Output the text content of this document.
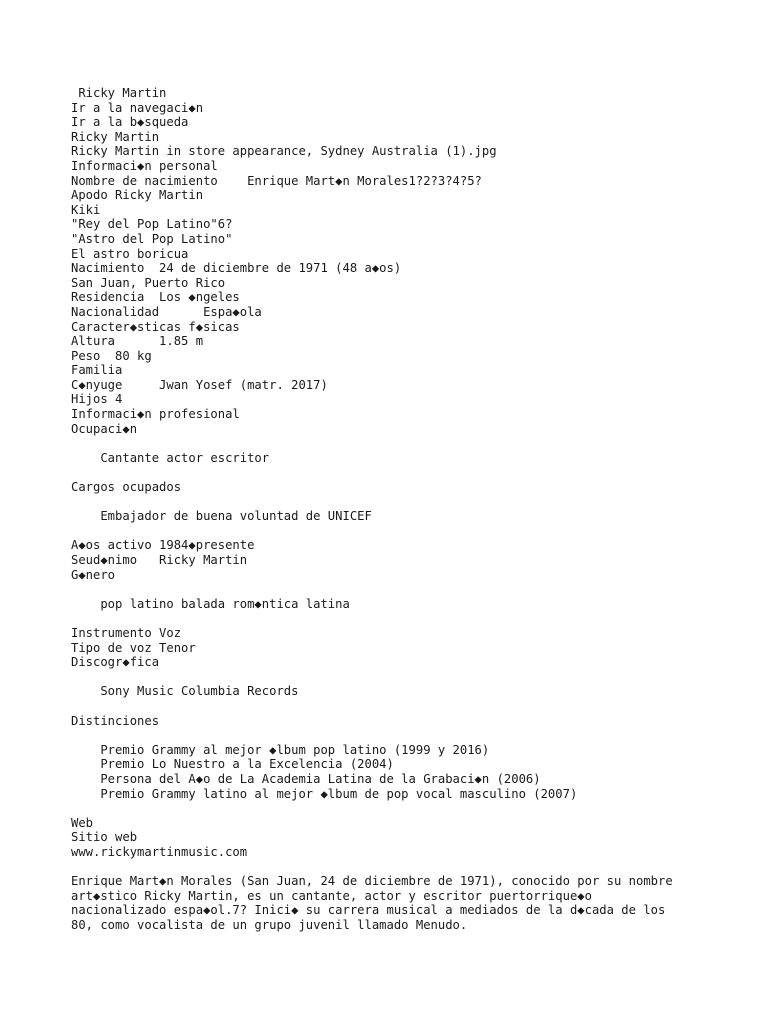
Ricky Martin
Ir a la navegaci◆n
Ir a la b◆squeda
Ricky Martin
Ricky Martin in store appearance, Sydney Australia (1).jpg
Informaci◆n personal
Nombre de nacimiento    Enrique Mart◆n Morales1?2?3?4?5?
Apodo Ricky Martin
Kiki
"Rey del Pop Latino"6?
"Astro del Pop Latino"
El astro boricua
Nacimiento  24 de diciembre de 1971 (48 a◆os)
San Juan, Puerto Rico
Residencia  Los ◆ngeles
Nacionalidad      Espa◆ola
Caracter◆sticas f◆sicas
Altura      1.85 m
Peso  80 kg
Familia
C◆nyuge     Jwan Yosef (matr. 2017)
Hijos 4
Informaci◆n profesional
Ocupaci◆n
Cantante actor escritor
Cargos ocupados
Embajador de buena voluntad de UNICEF
A◆os activo 1984◆presente
Seud◆nimo   Ricky Martin
G◆nero
pop latino balada rom◆ntica latina
Instrumento Voz
Tipo de voz Tenor
Discogr◆fica
Sony Music Columbia Records
Distinciones
Premio Grammy al mejor ◆lbum pop latino (1999 y 2016)
Premio Lo Nuestro a la Excelencia (2004)
Persona del A◆o de La Academia Latina de la Grabaci◆n (2006)
Premio Grammy latino al mejor ◆lbum de pop vocal masculino (2007)
Web
Sitio web
www.rickymartinmusic.com
Enrique Mart◆n Morales (San Juan, 24 de diciembre de 1971), conocido por su nombre
art◆stico Ricky Martin, es un cantante, actor y escritor puertorrique◆o
nacionalizado espa◆ol.7? Inici◆ su carrera musical a mediados de la d◆cada de los
80, como vocalista de un grupo juvenil llamado Menudo.
